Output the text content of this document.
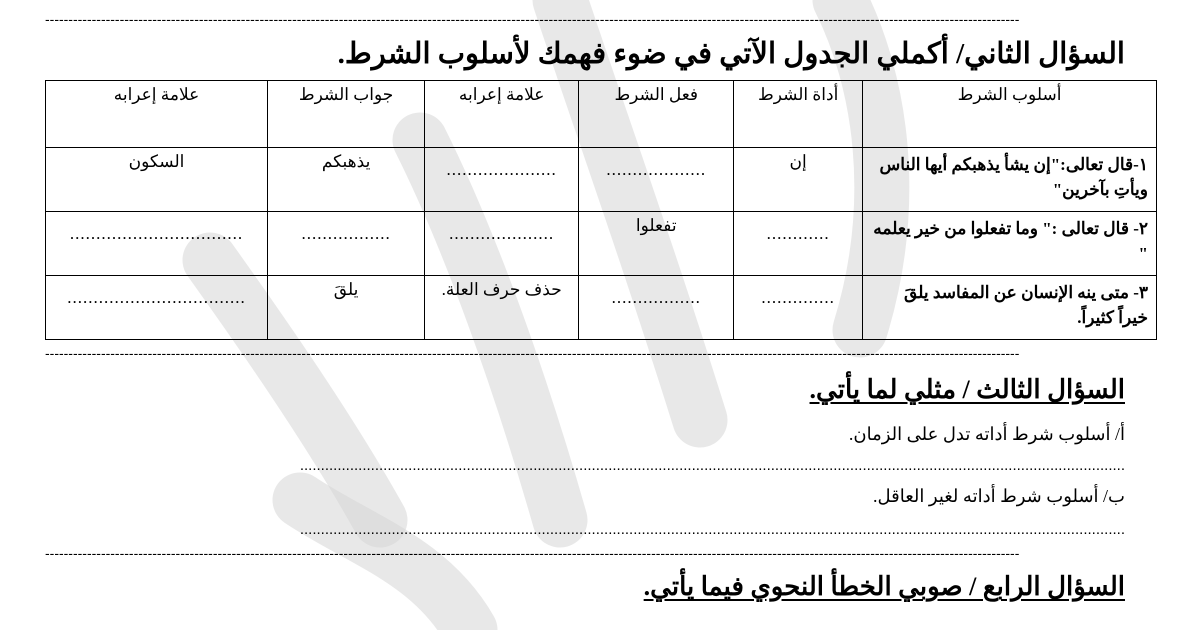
-----------------------------------------------------------------------------------------------------------------------------------------------------------------------------------------------------------------
السؤال الثاني/ أكملي الجدول الآتي في ضوء فهمك لأسلوب الشرط.
أسلوب الشرط	أداة الشرط	فعل الشرط	علامة إعرابه	جواب الشرط	علامة إعرابه
١-قال تعالى:"إن يشأ يذهبكم أيها الناس ويأتِ بآخرين"	إن	...................	.....................	يذهبكم	السكون
٢- قال تعالى :" وما تفعلوا من خير يعلمه "	............	تفعلوا	....................	.................	.................................

٣- متى ينه الإنسان عن المفاسد يلقَ خيراً كثيراً.	..............	.................	حذف حرف العلة.	يلقَ	..................................
-----------------------------------------------------------------------------------------------------------------------------------------------------------------------------------------------------------------
السؤال الثالث / مثلي لما يأتي.
أ/ أسلوب شرط أداته تدل على الزمان.
......................................................................................................................................................................................................
ب/ أسلوب شرط أداته لغير العاقل.
......................................................................................................................................................................................................
-----------------------------------------------------------------------------------------------------------------------------------------------------------------------------------------------------------------
السؤال الرابع / صوبي الخطأ النحوي فيما يأتي.
